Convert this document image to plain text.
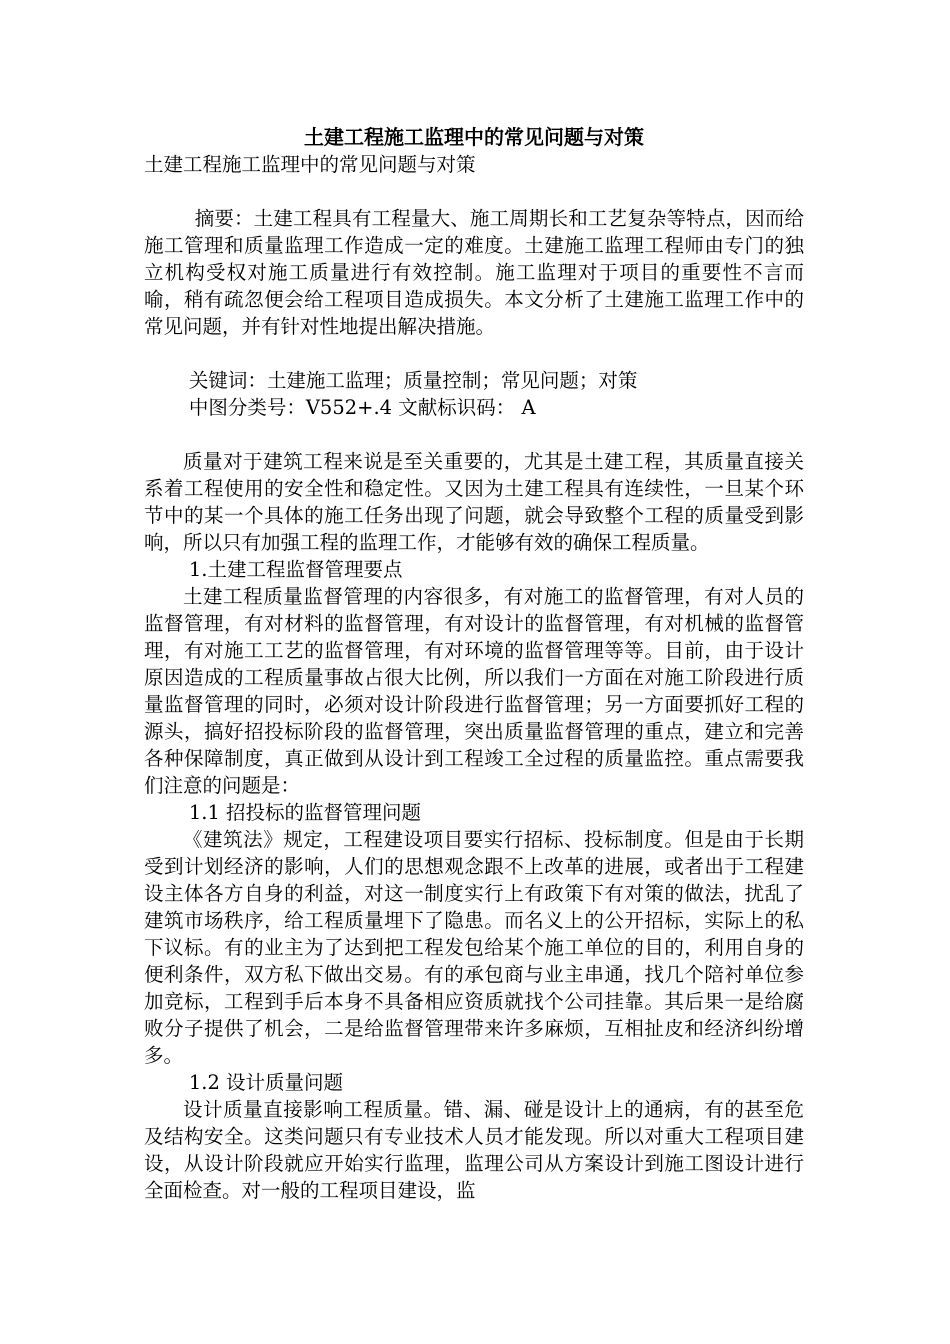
土建工程施工监理中的常见问题与对策

土建工程施工监理中的常见问题与对策

摘要：土建工程具有工程量大、施工周期长和工艺复杂等特点，因而给施工管理和质量监理工作造成一定的难度。土建施工监理工程师由专门的独立机构受权对施工质量进行有效控制。施工监理对于项目的重要性不言而喻，稍有疏忽便会给工程项目造成损失。本文分析了土建施工监理工作中的常见问题，并有针对性地提出解决措施。

关键词：土建施工监理；质量控制；常见问题；对策

中图分类号：V552+.4 文献标识码： A

质量对于建筑工程来说是至关重要的，尤其是土建工程，其质量直接关系着工程使用的安全性和稳定性。又因为土建工程具有连续性，一旦某个环节中的某一个具体的施工任务出现了问题，就会导致整个工程的质量受到影响，所以只有加强工程的监理工作，才能够有效的确保工程质量。

1.土建工程监督管理要点

土建工程质量监督管理的内容很多，有对施工的监督管理，有对人员的监督管理，有对材料的监督管理，有对设计的监督管理，有对机械的监督管理，有对施工工艺的监督管理，有对环境的监督管理等等。目前，由于设计原因造成的工程质量事故占很大比例，所以我们一方面在对施工阶段进行质量监督管理的同时，必须对设计阶段进行监督管理；另一方面要抓好工程的源头，搞好招投标阶段的监督管理，突出质量监督管理的重点，建立和完善各种保障制度，真正做到从设计到工程竣工全过程的质量监控。重点需要我们注意的问题是：

1.1 招投标的监督管理问题

《建筑法》规定，工程建设项目要实行招标、投标制度。但是由于长期受到计划经济的影响，人们的思想观念跟不上改革的进展，或者出于工程建设主体各方自身的利益，对这一制度实行上有政策下有对策的做法，扰乱了建筑市场秩序，给工程质量埋下了隐患。而名义上的公开招标，实际上的私下议标。有的业主为了达到把工程发包给某个施工单位的目的，利用自身的便利条件，双方私下做出交易。有的承包商与业主串通，找几个陪衬单位参加竞标，工程到手后本身不具备相应资质就找个公司挂靠。其后果一是给腐败分子提供了机会，二是给监督管理带来许多麻烦，互相扯皮和经济纠纷增多。

1.2 设计质量问题

设计质量直接影响工程质量。错、漏、碰是设计上的通病，有的甚至危及结构安全。这类问题只有专业技术人员才能发现。所以对重大工程项目建设，从设计阶段就应开始实行监理，监理公司从方案设计到施工图设计进行全面检查。对一般的工程项目建设，监
